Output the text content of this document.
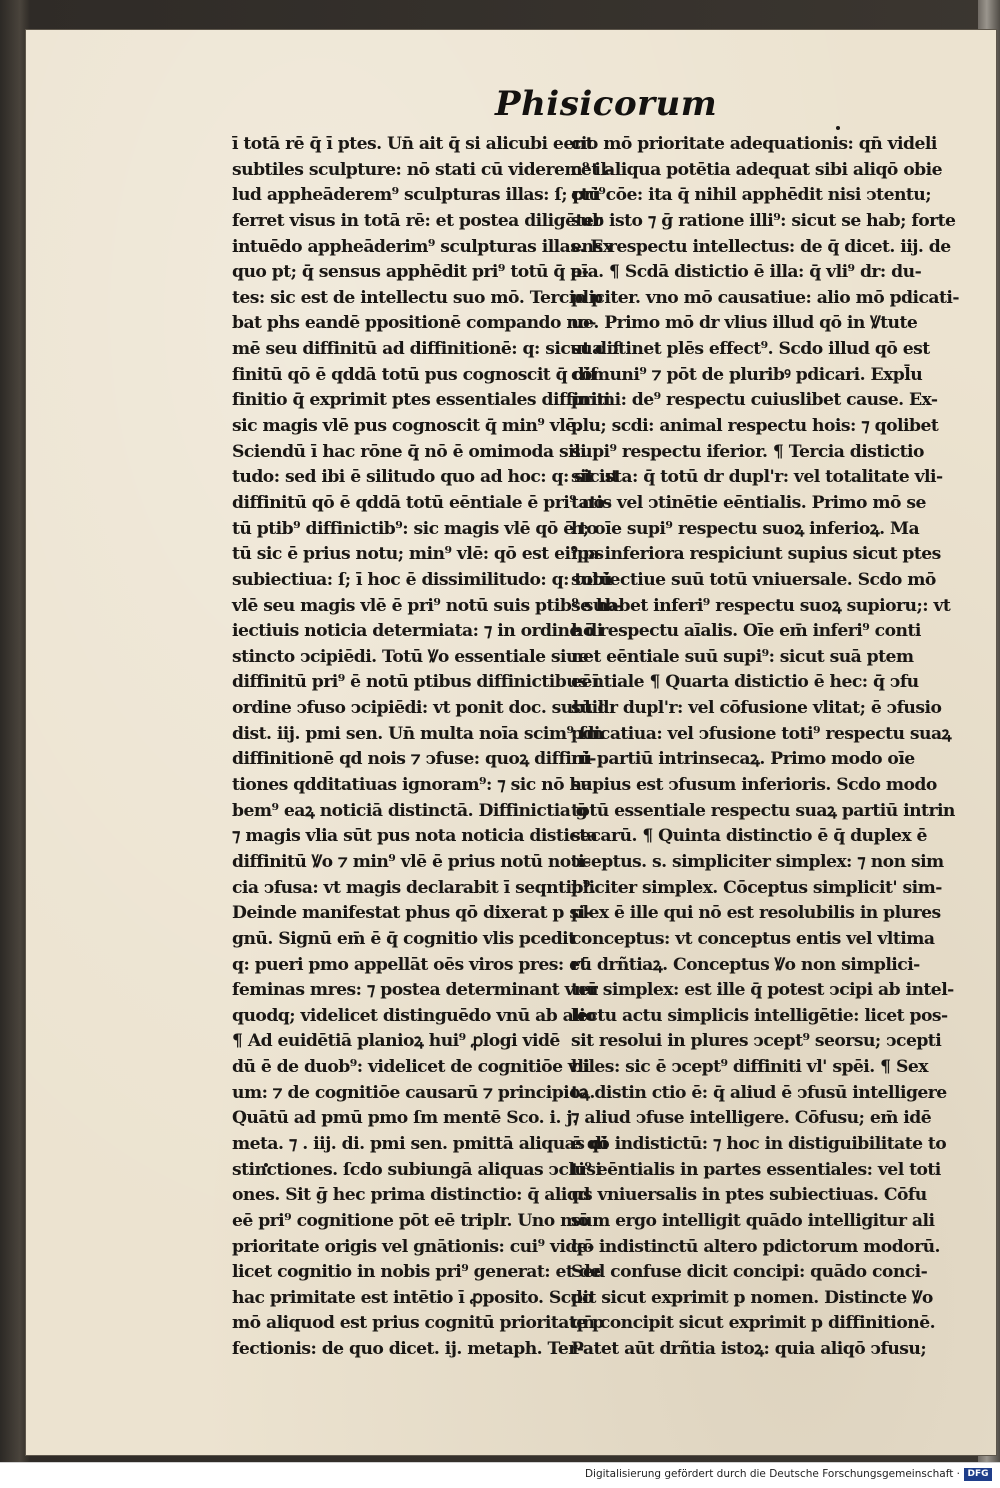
Phisicorum
ī totā rē q̄ ī ptes. Un̄ ait q̄ si alicubi eent
subtiles sculpture: nō stati cū viderem⁹ il-
lud appheāderem⁹ sculpturas illas: ſ; pri⁹
ferret visus in totā rē: et postea diligēter
intuēdo appheāderim⁹ sculpturas illas. Ex
quo pt; q̄ sensus apphēdit pri⁹ totū q̄ p-
tes: sic est de intellectu suo mō. Tercio p
bat phs eandē ppositionē compando no-
mē seu diffinitū ad diffinitionē: q: sicut dif
finitū qō ē qddā totū pus cognoscit q̄ dif
finitio q̄ exprimit ptes essentiales diffiniti
sic magis vlē pus cognoscit q̄ min⁹ vlē.
Sciendū ī hac rōne q̄ nō ē omimoda sili
tudo: sed ibi ē silitudo quo ad hoc: q: sicut
diffinitū qō ē qddā totū eēntiale ē pri⁹ no-
tū ptib⁹ diffinictib⁹: sic magis vlē qō ē to
tū sic ē prius notu; min⁹ vlē: qō est ei⁹ ps
subiectiua: ſ; ī hoc ē dissimilitudo: q: totū
vlē seu magis vlē ē pri⁹ notū suis ptib⁹ sub-
iectiuis noticia determiata: ⁊ in ordine di
stincto ↄcipiēdi. Totū Ꝟo essentiale siue
diffinitū pri⁹ ē notū ptibus diffinictibus ī
ordine ↄfuso ↄcipiēdi: vt ponit doc. subtil'
dist. iij. pmi sen. Un̄ multa noīa scim⁹ ſm
diffinitionē qd nois ⁊ ↄfuse: quoꝝ diffini-
tiones qdditatiuas ignoram⁹: ⁊ sic nō ha
bem⁹ eaꝝ noticiā distinctā. Diffinictia ḡ
⁊ magis vlia sūt pus nota noticia disticta
diffinitū Ꝟo ⁊ min⁹ vlē ē prius notū noti-
cia ↄfusa: vt magis declarabit ī seqntib⁹.
Deinde manifestat phus qō dixerat p si-
gnū. Signū em̄ ē q̄ cognitio vlis pcedit
q: pueri pmo appellāt oēs viros pres: et
feminas mres: ⁊ postea determinant vnū
quodq; videlicet distinguēdo vnū ab alio
¶ Ad euidētiā planioꝝ hui⁹ ꝓlogi vidē
dū ē de duob⁹: videlicet de cognitiōe vli
um: ⁊ de cognitiōe causarū ⁊ principioꝝ.
Quātū ad pmū pmo ſm mentē Sco. i. j.
meta. ⁊ . iij. di. pmi sen. pmittā aliquas di
stinctiones. ſcdo subiungā aliquas ↄclusi
ones. Sit ḡ hec prima distinctio: q̄ aliqd
eē pri⁹ cognitione pōt eē triplr. Uno mō
prioritate origis vel gnātionis: cui⁹ vide-
licet cognitio in nobis pri⁹ generat: et de
hac primitate est intētio ī ꝓposito. Scdo
mō aliquod est prius cognitū prioritate p
fectionis: de quo dicet. ij. metaph. Ter-
cio mō prioritate adequationis: qn̄ videli
cet aliqua potētia adequat sibi aliqō obie
ctū cōe: ita q̄ nihil apphēdit nisi ↄtentu;
sub isto ⁊ ḡ ratione illi⁹: sicut se hab; forte
ens respectu intellectus: de q̄ dicet. iij. de
aīa. ¶ Scdā distictio ē illa: q̄ vli⁹ dr: du-
pliciter. vno mō causatiue: alio mō pdicati-
ue. Primo mō dr vlius illud qō in Ꝟtute
sua ↄtinet plēs effect⁹. Scdo illud qō est
cōmuni⁹ ⁊ pōt de pluribꝰ pdicari. Expl̄u
primi: de⁹ respectu cuiuslibet cause. Ex-
plu; scdi: animal respectu hois: ⁊ qolibet
supi⁹ respectu iferior. ¶ Tercia distictio
sit ista: q̄ totū dr dupl'r: vel totalitate vli-
tatis vel ↄtinētie eēntialis. Primo mō se
h; oīe supi⁹ respectu suoꝝ inferioꝝ. Ma
ipa inferiora respiciunt supius sicut ptes
subiectiue suū totū vniuersale. Scdo mō
se habet inferi⁹ respectu suoꝝ supioru;: vt
hō respectu aīalis. Oīe em̄ inferi⁹ conti
net eēntiale suū supi⁹: sicut suā ptem
eēntiale ¶ Quarta distictio ē hec: q̄ ↄfu
sū dr dupl'r: vel cōfusione vlitat; ē ↄfusio
pdicatiua: vel ↄfusione toti⁹ respectu suaꝝ
rū partiū intrinsecaꝝ. Primo modo oīe
supius est ↄfusum inferioris. Scdo modo
totū essentiale respectu suaꝝ partiū intrin
secarū. ¶ Quinta distinctio ē q̄ duplex ē
ↄceptus. s. simpliciter simplex: ⁊ non sim
pliciter simplex. Cōceptus simplicit' sim-
plex ē ille qui nō est resolubilis in plures
conceptus: vt conceptus entis vel vltima
rū drñtiaꝝ. Conceptus Ꝟo non simplici-
ter simplex: est ille q̄ potest ↄcipi ab intel-
lectu actu simplicis intelligētie: licet pos-
sit resolui in plures ↄcept⁹ seorsu; ↄcepti
biles: sic ē ↄcept⁹ diffiniti vl' spēi. ¶ Sex
ta distin ctio ē: q̄ aliud ē ↄfusū intelligere
⁊ aliud ↄfuse intelligere. Cōfusu; em̄ idē
ē qō indistictū: ⁊ hoc in distiguibilitate to
ti⁹ eēntialis in partes essentiales: vel toti
us vniuersalis in ptes subiectiuas. Cōfu
sum ergo intelligit quādo intelligitur ali
qō indistinctū altero pdictorum modorū.
Sed confuse dicit concipi: quādo conci-
pit sicut exprimit p nomen. Distincte Ꝟo
qn̄ concipit sicut exprimit p diffinitionē.
Patet aūt drñtia istoꝝ: quia aliqō ↄfusu;
Digitalisierung gefördert durch die Deutsche Forschungsgemeinschaft · DFG
